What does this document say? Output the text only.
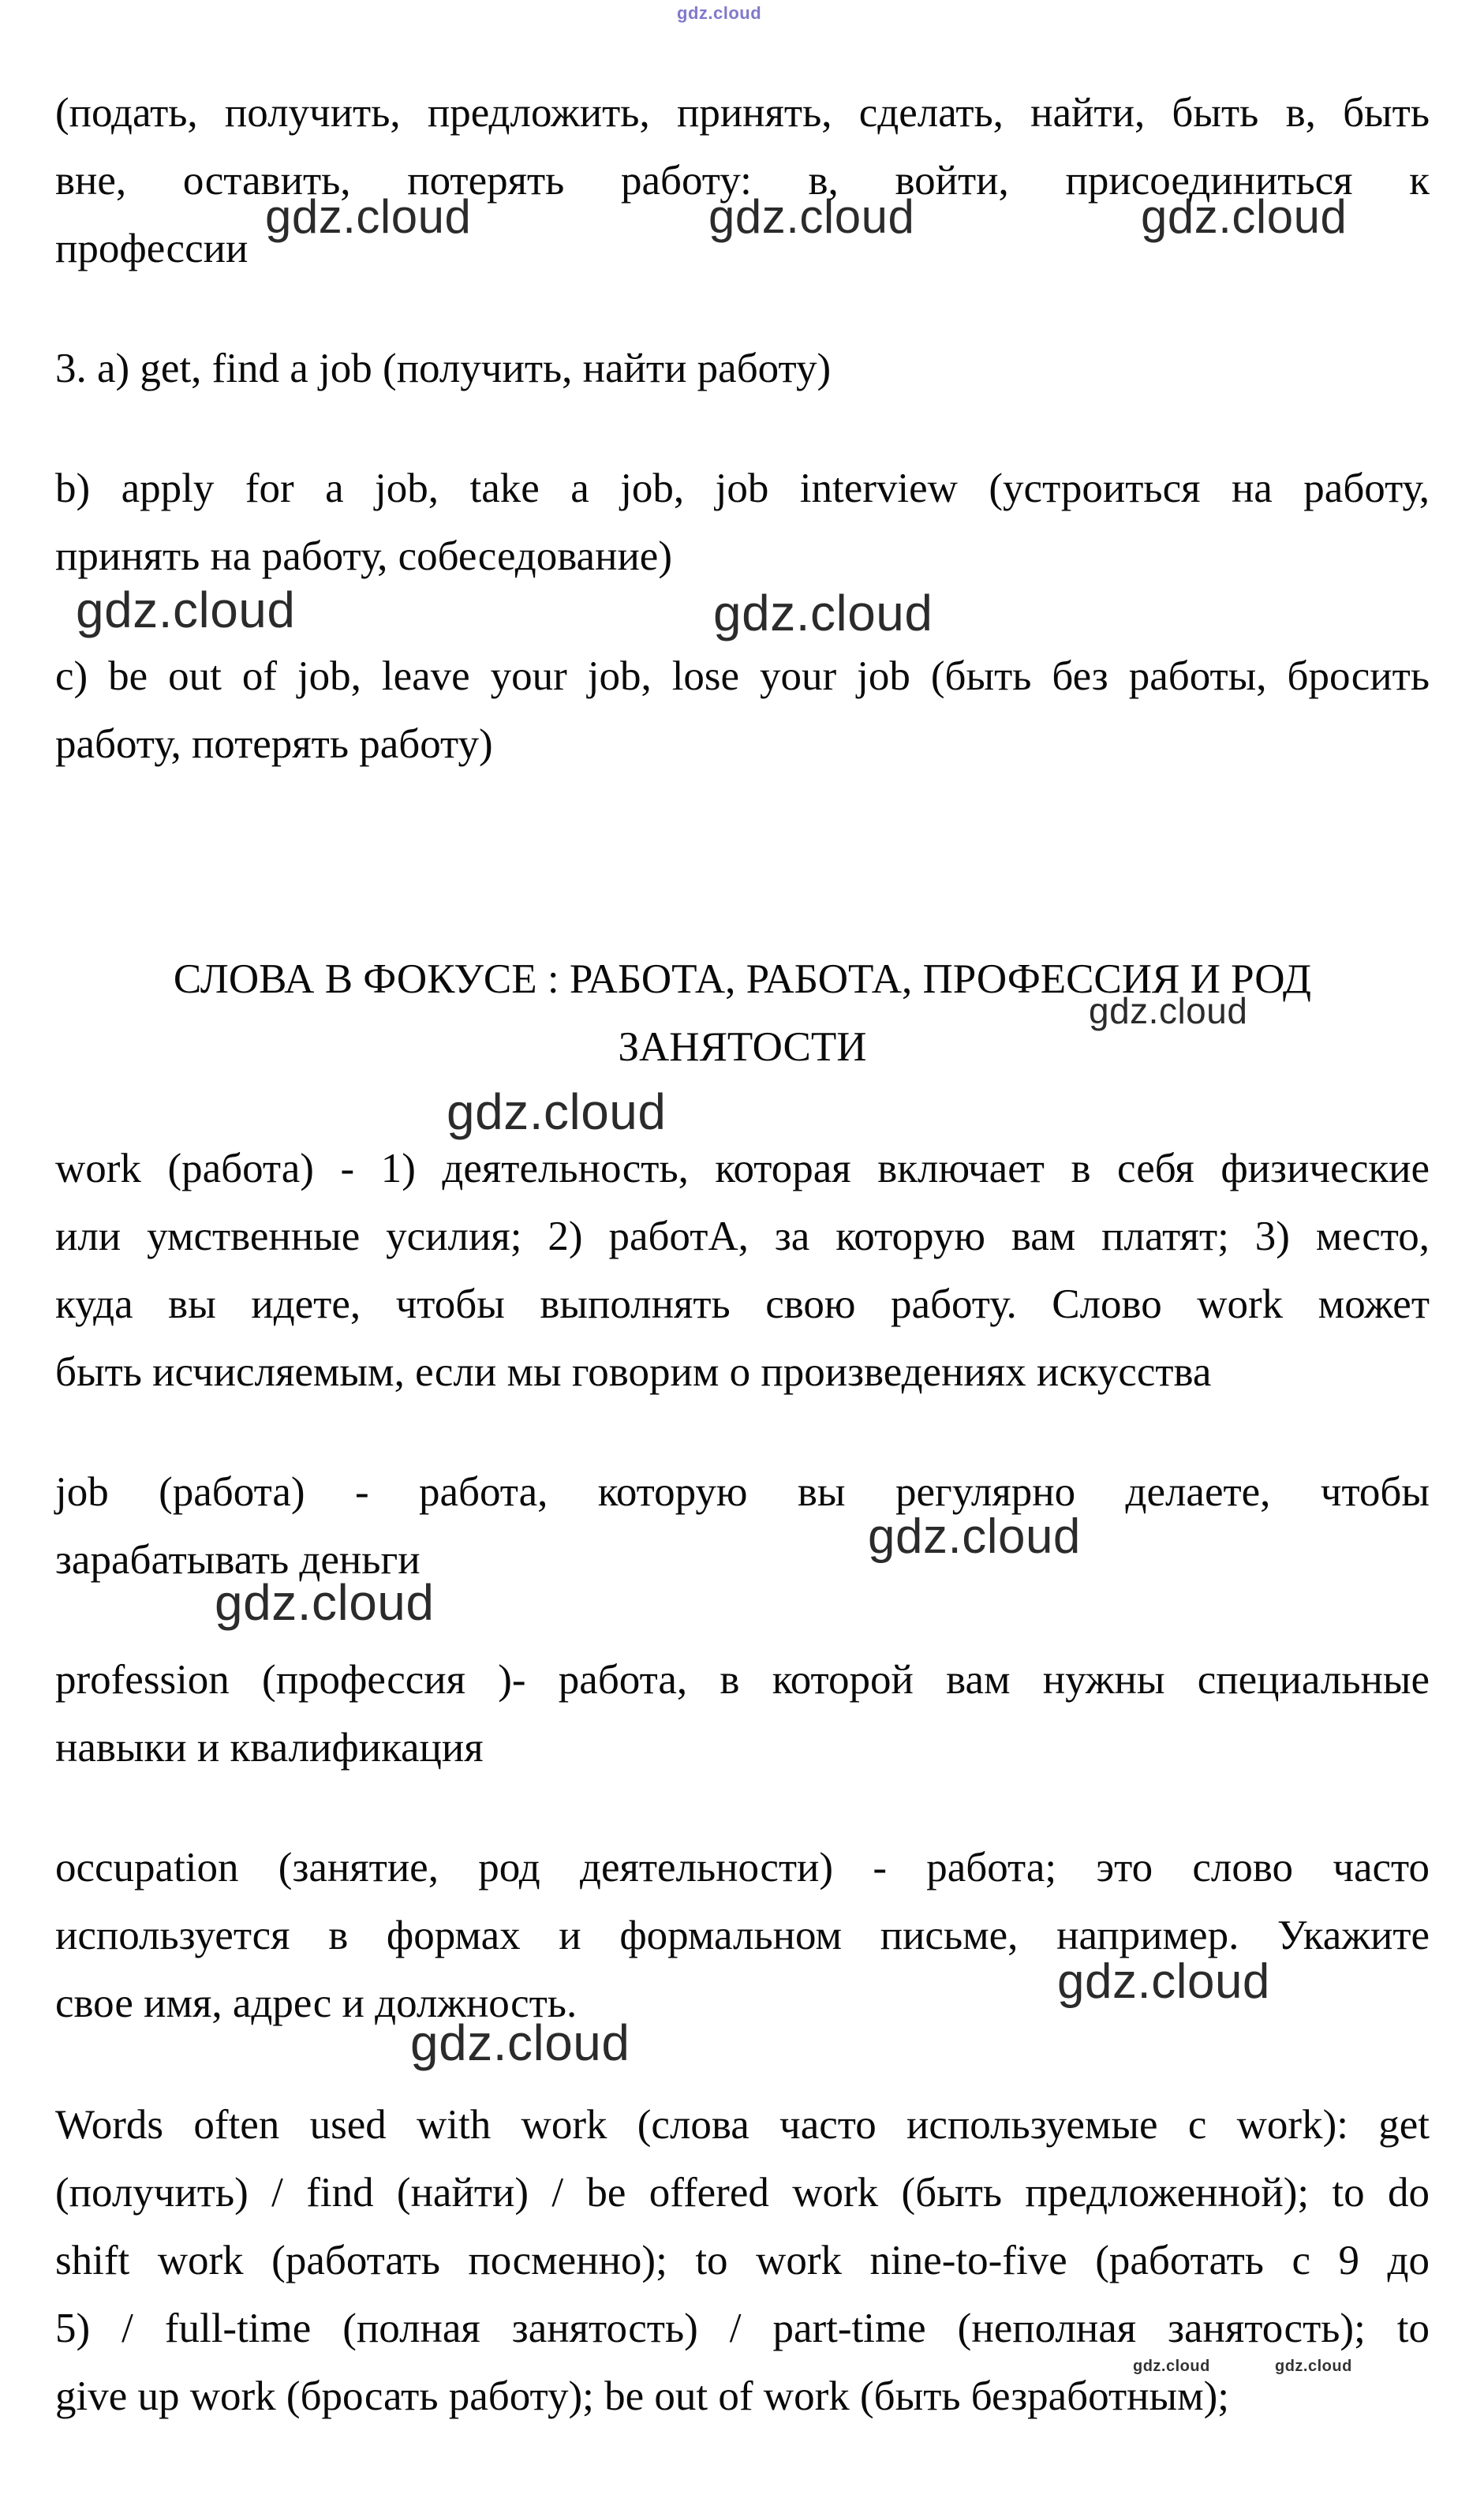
gdz.cloud
gdz.cloud	gdz.cloud	gdz.cloud
gdz.cloud	gdz.cloud
gdz.cloud
gdz.cloud
gdz.cloud
gdz.cloud
gdz.cloud
gdz.cloud
gdz.cloud	gdz.cloud
(подать, получить, предложить, принять, сделать, найти, быть в, быть
вне, оставить, потерять работу: в, войти, присоединиться к
профессии
3. a) get, find a job (получить, найти работу)
b) apply for a job, take a job, job interview (устроиться на работу,
принять на работу, собеседование)
c) be out of job, leave your job, lose your job (быть без работы, бросить
работу, потерять работу)
СЛОВА В ФОКУСЕ : РАБОТА, РАБОТА, ПРОФЕССИЯ И РОД
ЗАНЯТОСТИ
work (работа) - 1) деятельность, которая включает в себя физические
или умственные усилия; 2) работА, за которую вам платят; 3) место,
куда вы идете, чтобы выполнять свою работу. Слово work может
быть исчисляемым, если мы говорим о произведениях искусства
job (работа) - работа, которую вы регулярно делаете, чтобы
зарабатывать деньги
profession (профессия )- работа, в которой вам нужны специальные
навыки и квалификация
occupation (занятие, род деятельности) - работа; это слово часто
используется в формах и формальном письме, например. Укажите
свое имя, адрес и должность.
Words often used with work (слова часто используемые с work): get
(получить) / find (найти) / be offered work (быть предложенной); to do
shift work (работать посменно); to work nine-to-five (работать с 9 до
5) / full-time (полная занятость) / part-time (неполная занятость); to
give up work (бросать работу); be out of work (быть безработным);
